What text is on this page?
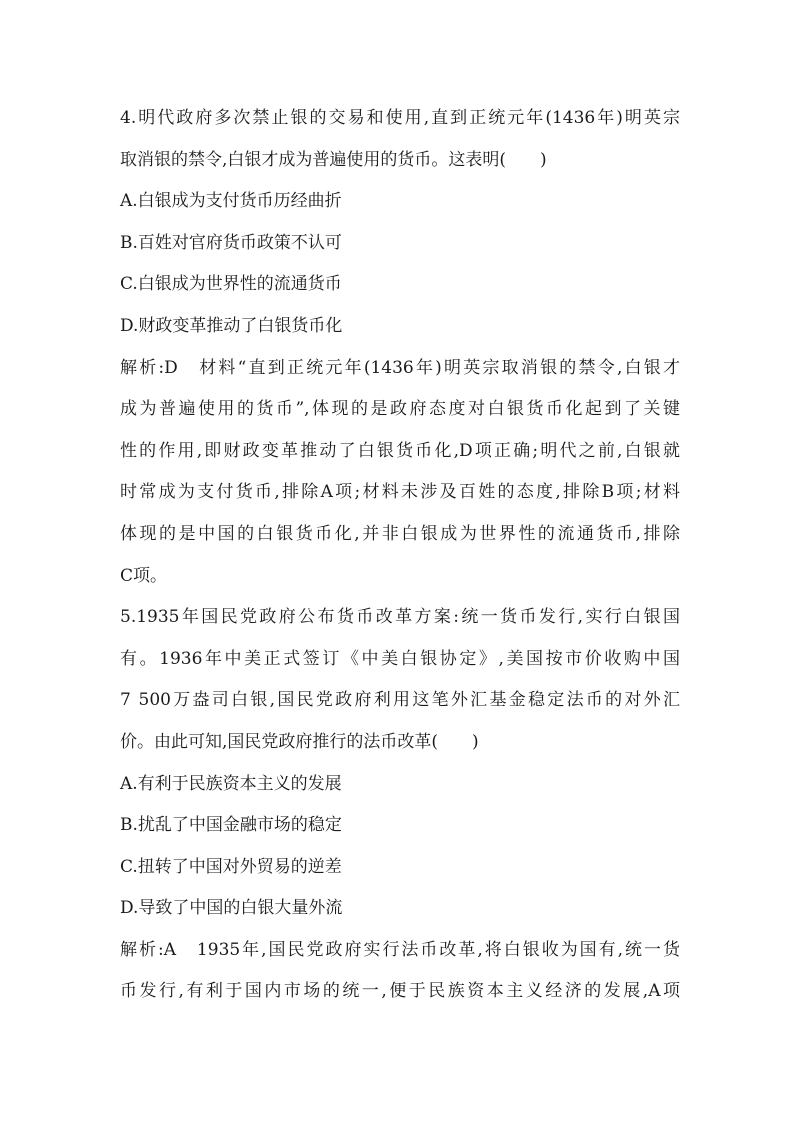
4.明代政府多次禁止银的交易和使用,直到正统元年(1436年)明英宗
取消银的禁令,白银才成为普遍使用的货币。这表明(　　)
A.白银成为支付货币历经曲折
B.百姓对官府货币政策不认可
C.白银成为世界性的流通货币
D.财政变革推动了白银货币化
解析:D　材料“直到正统元年(1436年)明英宗取消银的禁令,白银才
成为普遍使用的货币”,体现的是政府态度对白银货币化起到了关键
性的作用,即财政变革推动了白银货币化,D项正确;明代之前,白银就
时常成为支付货币,排除A项;材料未涉及百姓的态度,排除B项;材料
体现的是中国的白银货币化,并非白银成为世界性的流通货币,排除
C项。
5.1935年国民党政府公布货币改革方案:统一货币发行,实行白银国
有。1936年中美正式签订《中美白银协定》,美国按市价收购中国
7 500万盎司白银,国民党政府利用这笔外汇基金稳定法币的对外汇
价。由此可知,国民党政府推行的法币改革(　　)
A.有利于民族资本主义的发展
B.扰乱了中国金融市场的稳定
C.扭转了中国对外贸易的逆差
D.导致了中国的白银大量外流
解析:A　1935年,国民党政府实行法币改革,将白银收为国有,统一货
币发行,有利于国内市场的统一,便于民族资本主义经济的发展,A项
